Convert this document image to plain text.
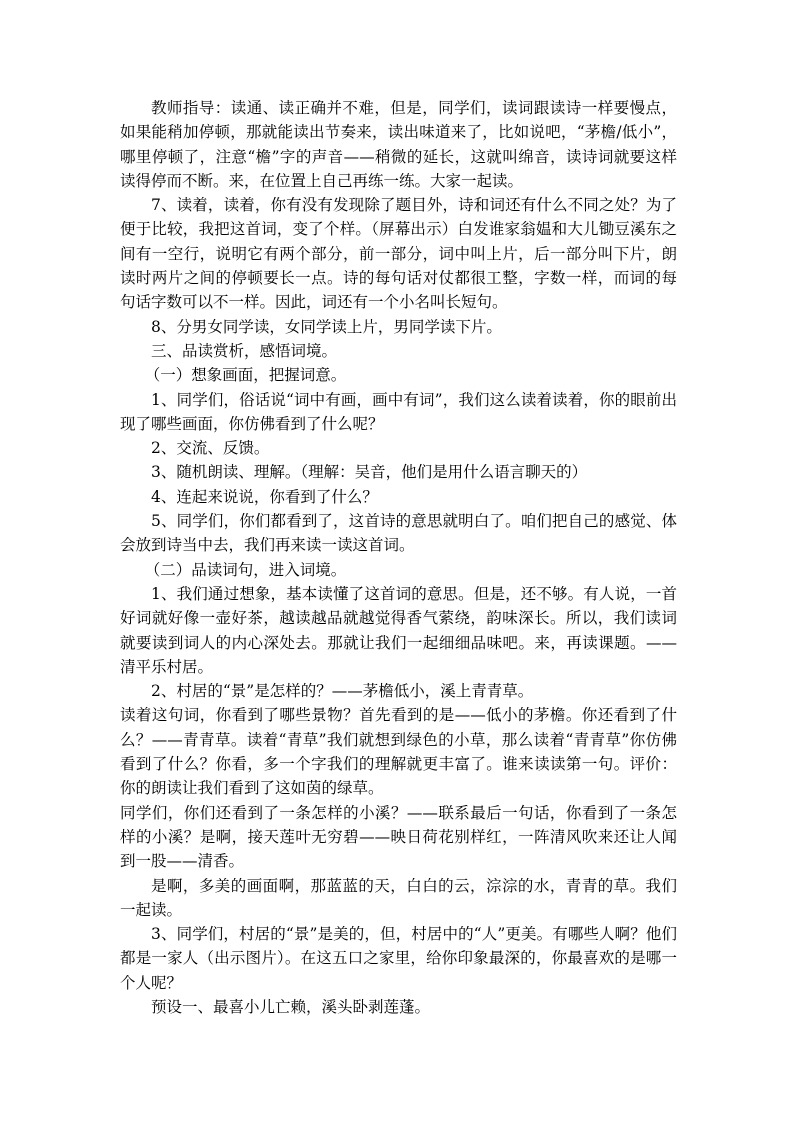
教师指导：读通、读正确并不难，但是，同学们，读词跟读诗一样要慢点，如果能稍加停顿，那就能读出节奏来，读出味道来了，比如说吧，“茅檐/低小”，哪里停顿了，注意“檐”字的声音——稍微的延长，这就叫绵音，读诗词就要这样读得停而不断。来，在位置上自己再练一练。大家一起读。

7、读着，读着，你有没有发现除了题目外，诗和词还有什么不同之处？为了便于比较，我把这首词，变了个样。（屏幕出示）白发谁家翁媪和大儿锄豆溪东之间有一空行，说明它有两个部分，前一部分，词中叫上片，后一部分叫下片，朗读时两片之间的停顿要长一点。诗的每句话对仗都很工整，字数一样，而词的每句话字数可以不一样。因此，词还有一个小名叫长短句。

8、分男女同学读，女同学读上片，男同学读下片。

三、品读赏析，感悟词境。

（一）想象画面，把握词意。

1、同学们，俗话说“词中有画，画中有词”，我们这么读着读着，你的眼前出现了哪些画面，你仿佛看到了什么呢？

2、交流、反馈。

3、随机朗读、理解。（理解：吴音，他们是用什么语言聊天的）

4、连起来说说，你看到了什么？

5、同学们，你们都看到了，这首诗的意思就明白了。咱们把自己的感觉、体会放到诗当中去，我们再来读一读这首词。

（二）品读词句，进入词境。

1、我们通过想象，基本读懂了这首词的意思。但是，还不够。有人说，一首好词就好像一壶好茶，越读越品就越觉得香气萦绕，韵味深长。所以，我们读词就要读到词人的内心深处去。那就让我们一起细细品味吧。来，再读课题。——清平乐村居。

2、村居的“景”是怎样的？——茅檐低小，溪上青青草。

读着这句词，你看到了哪些景物？首先看到的是——低小的茅檐。你还看到了什么？——青青草。读着“青草”我们就想到绿色的小草，那么读着“青青草”你仿佛看到了什么？你看，多一个字我们的理解就更丰富了。谁来读读第一句。评价：你的朗读让我们看到了这如茵的绿草。

同学们，你们还看到了一条怎样的小溪？——联系最后一句话，你看到了一条怎样的小溪？是啊，接天莲叶无穷碧——映日荷花别样红，一阵清风吹来还让人闻到一股——清香。

是啊，多美的画面啊，那蓝蓝的天，白白的云，淙淙的水，青青的草。我们一起读。

3、同学们，村居的“景”是美的，但，村居中的“人”更美。有哪些人啊？他们都是一家人（出示图片）。在这五口之家里，给你印象最深的，你最喜欢的是哪一个人呢？

预设一、最喜小儿亡赖，溪头卧剥莲蓬。
